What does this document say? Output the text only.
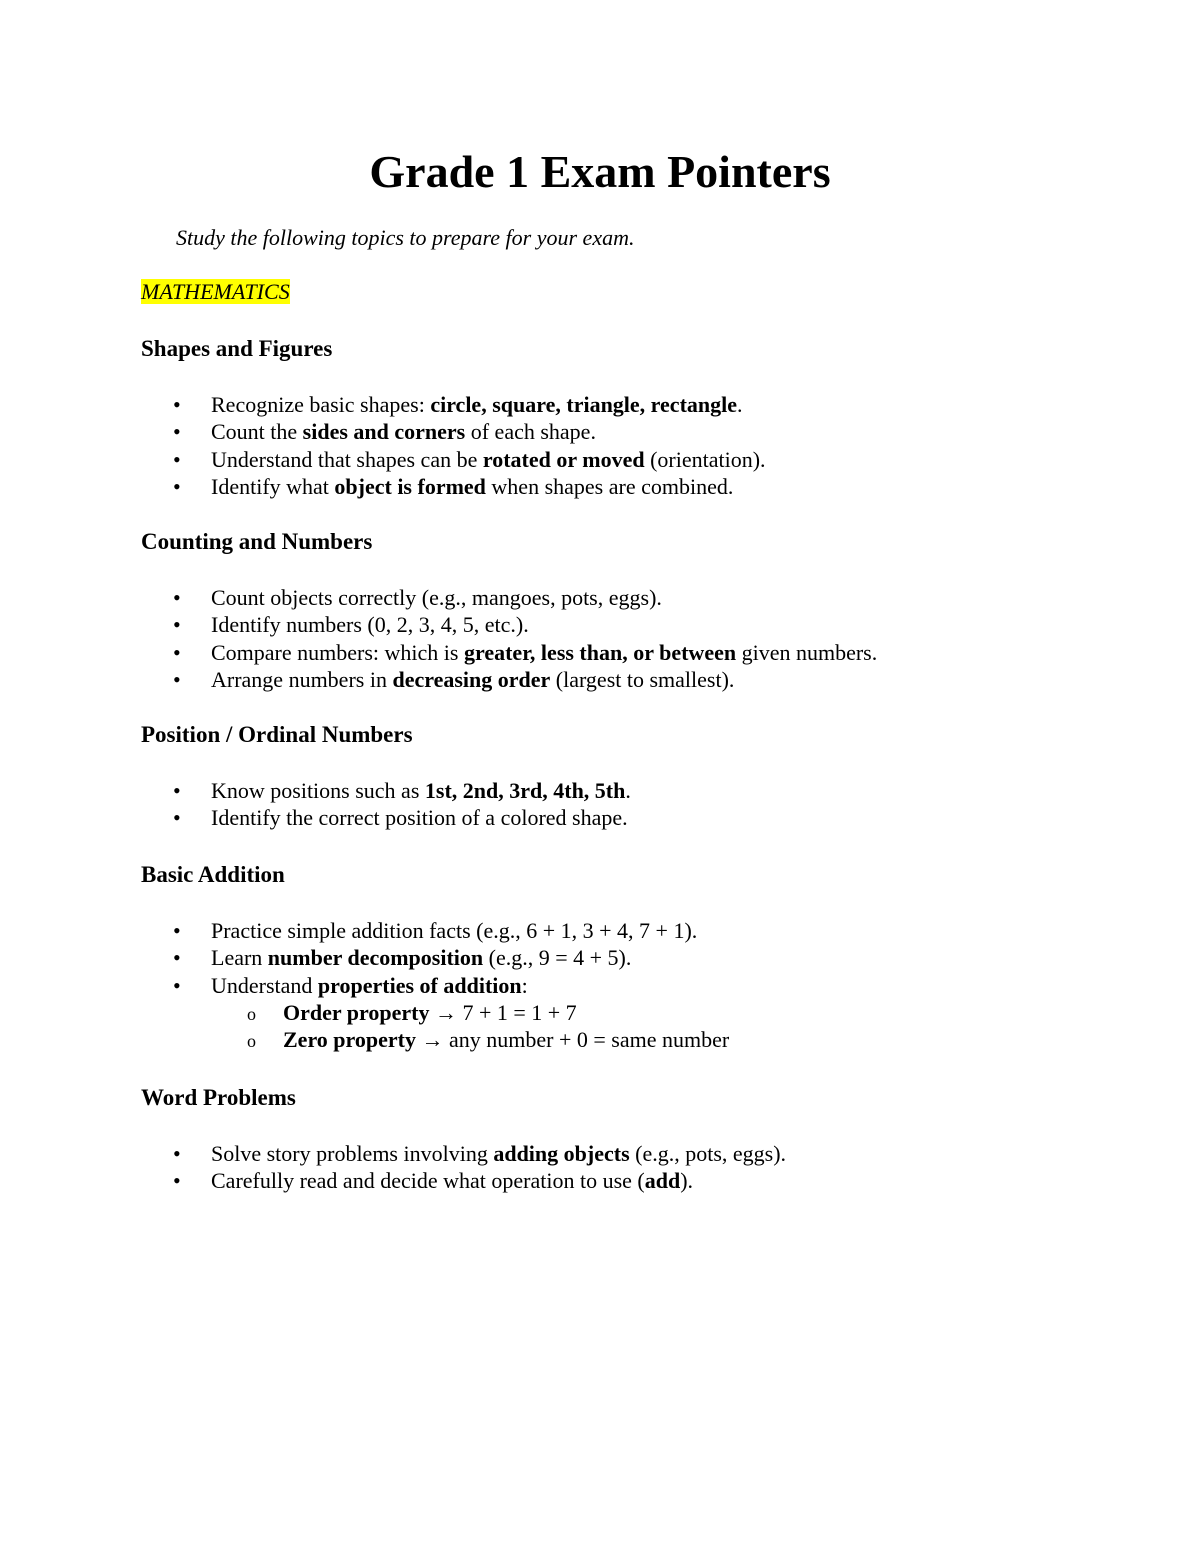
Grade 1 Exam Pointers

Study the following topics to prepare for your exam.

MATHEMATICS

Shapes and Figures
• Recognize basic shapes: circle, square, triangle, rectangle.
• Count the sides and corners of each shape.
• Understand that shapes can be rotated or moved (orientation).
• Identify what object is formed when shapes are combined.
Counting and Numbers
• Count objects correctly (e.g., mangoes, pots, eggs).
• Identify numbers (0, 2, 3, 4, 5, etc.).
• Compare numbers: which is greater, less than, or between given numbers.
• Arrange numbers in decreasing order (largest to smallest).
Position / Ordinal Numbers
• Know positions such as 1st, 2nd, 3rd, 4th, 5th.
• Identify the correct position of a colored shape.
Basic Addition
• Practice simple addition facts (e.g., 6 + 1, 3 + 4, 7 + 1).
• Learn number decomposition (e.g., 9 = 4 + 5).
• Understand properties of addition:
o Order property → 7 + 1 = 1 + 7
o Zero property → any number + 0 = same number
Word Problems
• Solve story problems involving adding objects (e.g., pots, eggs).
• Carefully read and decide what operation to use (add).
